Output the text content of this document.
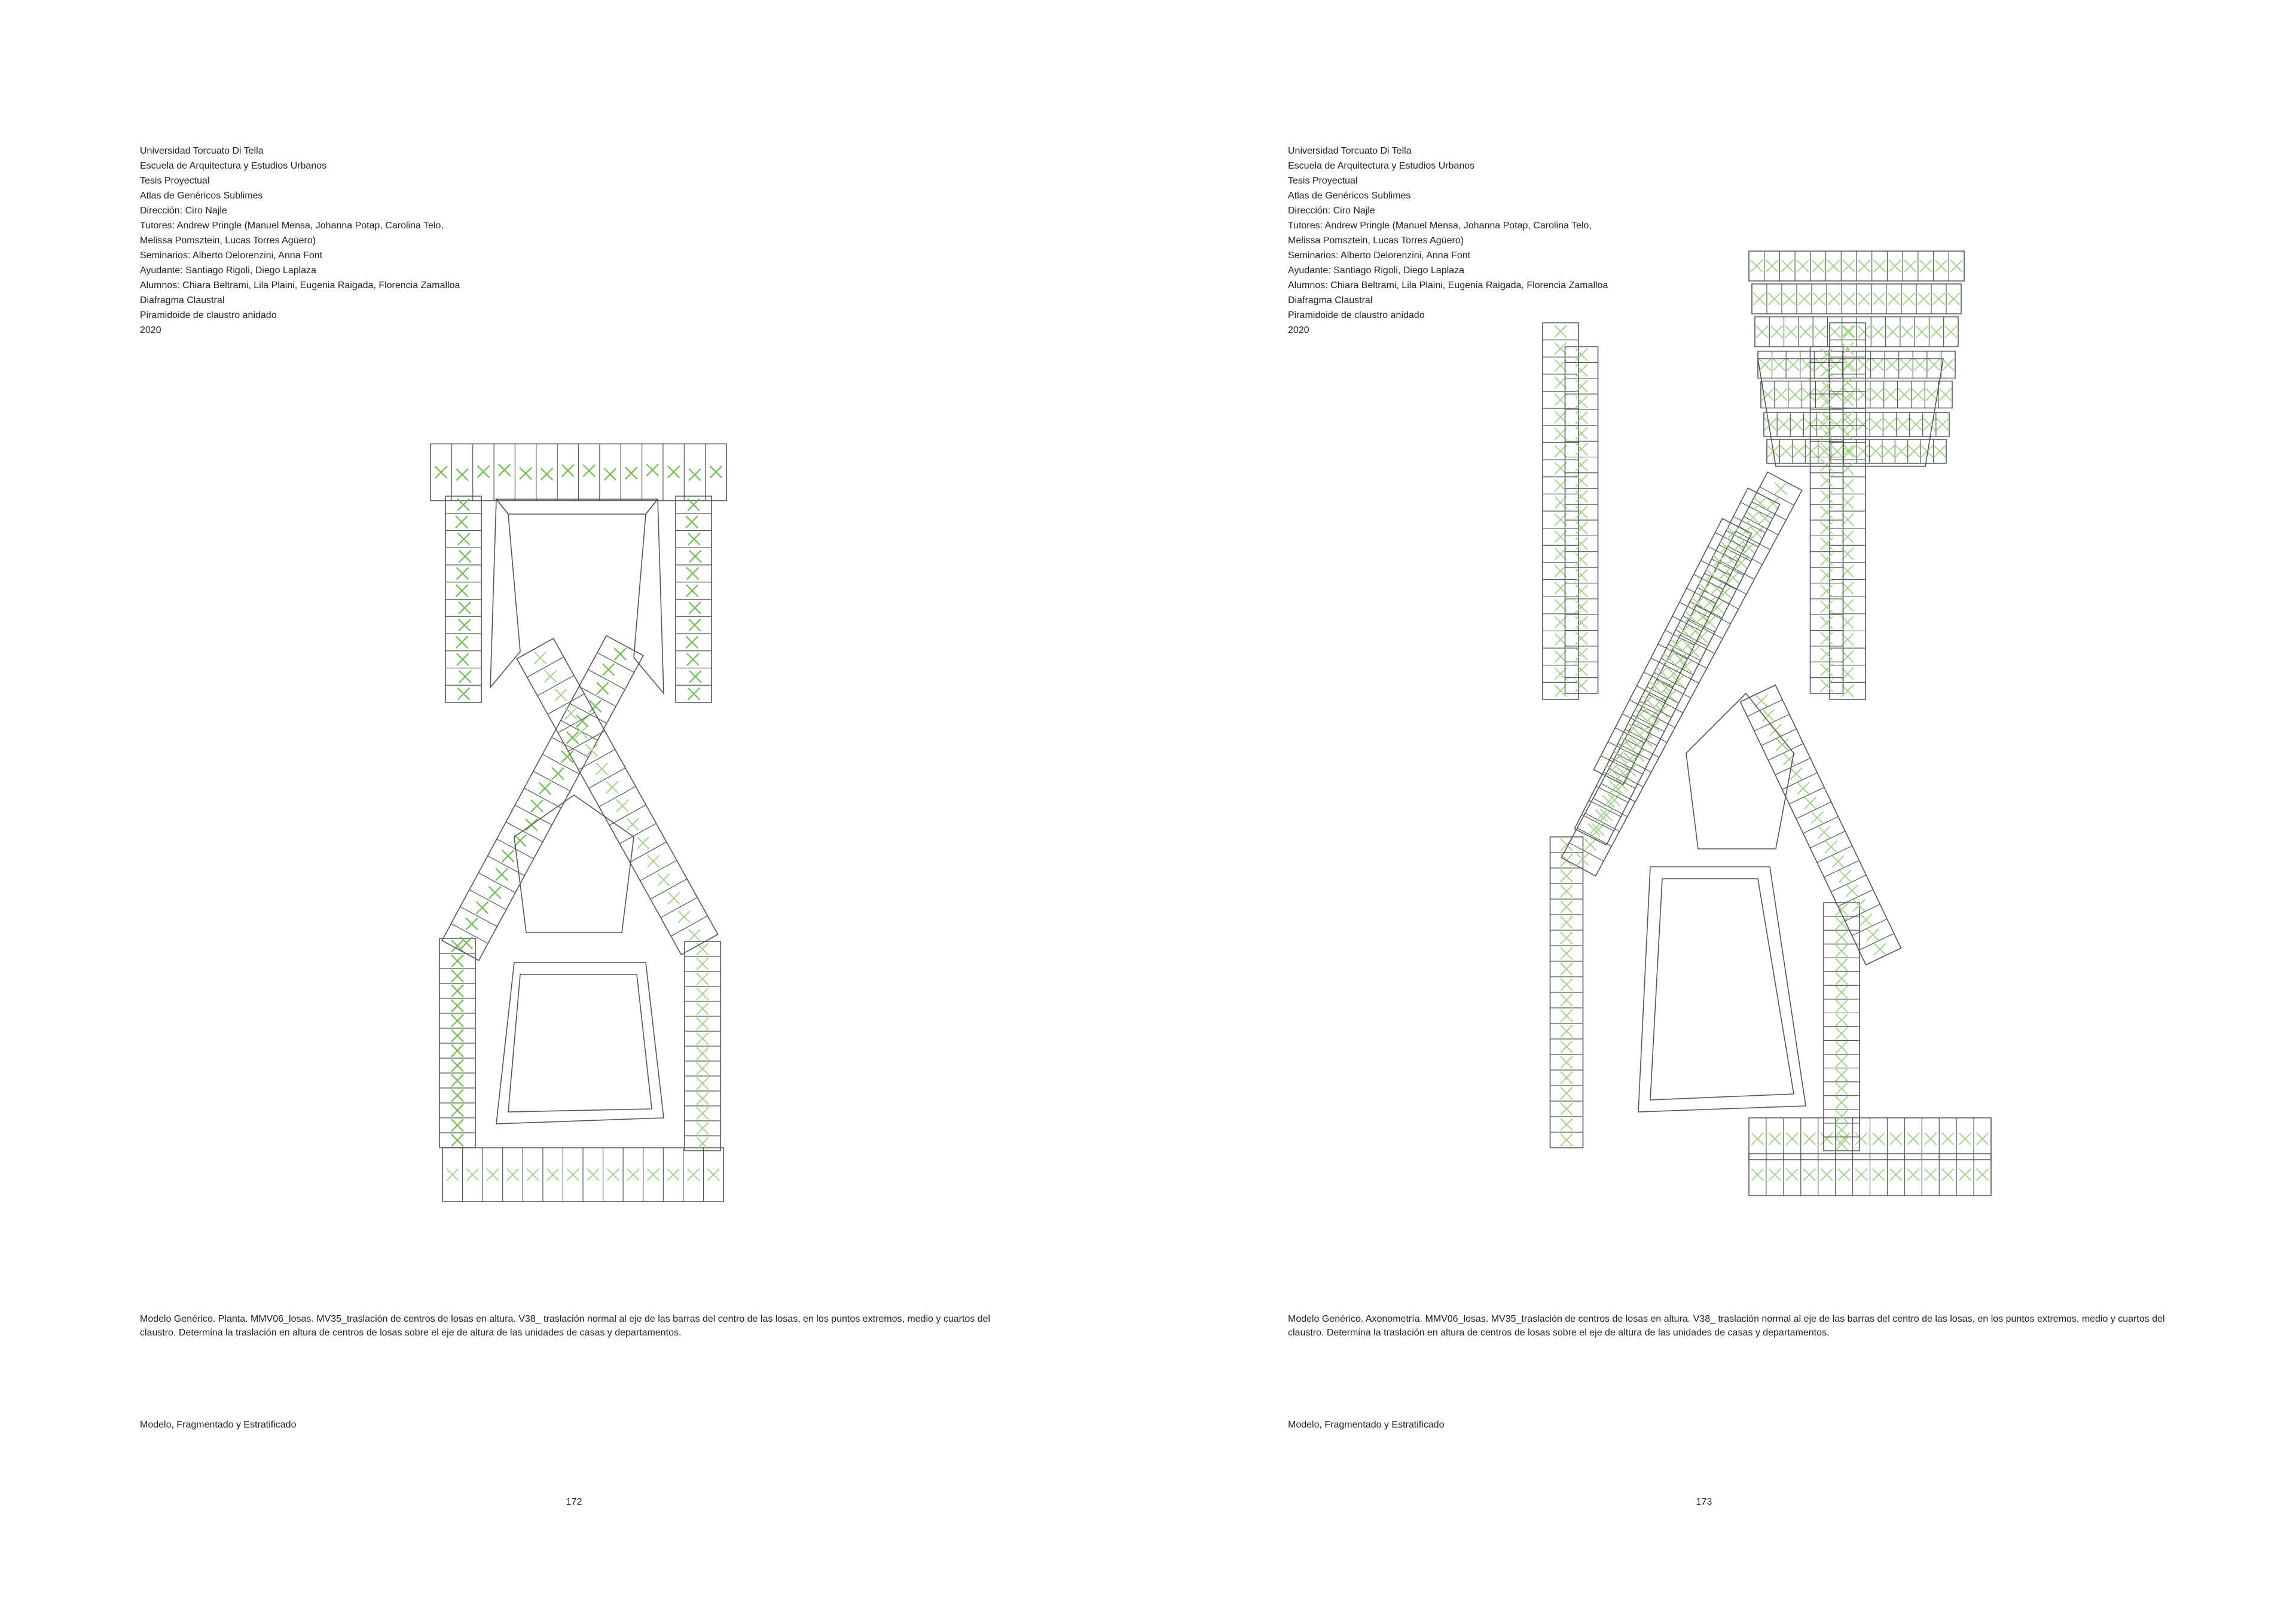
Universidad Torcuato Di Tella
Escuela de Arquitectura y Estudios Urbanos
Tesis Proyectual
Atlas de Genéricos Sublimes
Dirección: Ciro Najle
Tutores: Andrew Pringle (Manuel Mensa, Johanna Potap, Carolina Telo,
Melissa Pomsztein, Lucas Torres Agüero)
Seminarios: Alberto Delorenzini, Anna Font
Ayudante: Santiago Rigoli, Diego Laplaza
Alumnos: Chiara Beltrami, Lila Plaini, Eugenia Raigada, Florencia Zamalloa
Diafragma Claustral
Piramidoide de claustro anidado
2020
Modelo Genérico. Planta. MMV06_losas. MV35_traslación de centros de losas en altura. V38_ traslación normal al eje de las barras del centro de las losas, en los puntos extremos, medio y cuartos del claustro. Determina la traslación en altura de centros de losas sobre el eje de altura de las unidades de casas y departamentos.
Modelo, Fragmentado y Estratificado
172
Universidad Torcuato Di Tella
Escuela de Arquitectura y Estudios Urbanos
Tesis Proyectual
Atlas de Genéricos Sublimes
Dirección: Ciro Najle
Tutores: Andrew Pringle (Manuel Mensa, Johanna Potap, Carolina Telo,
Melissa Pomsztein, Lucas Torres Agüero)
Seminarios: Alberto Delorenzini, Anna Font
Ayudante: Santiago Rigoli, Diego Laplaza
Alumnos: Chiara Beltrami, Lila Plaini, Eugenia Raigada, Florencia Zamalloa
Diafragma Claustral
Piramidoide de claustro anidado
2020
Modelo Genérico. Axonometría. MMV06_losas. MV35_traslación de centros de losas en altura. V38_ traslación normal al eje de las barras del centro de las losas, en los puntos extremos, medio y cuartos del claustro. Determina la traslación en altura de centros de losas sobre el eje de altura de las unidades de casas y departamentos.
Modelo, Fragmentado y Estratificado
173
